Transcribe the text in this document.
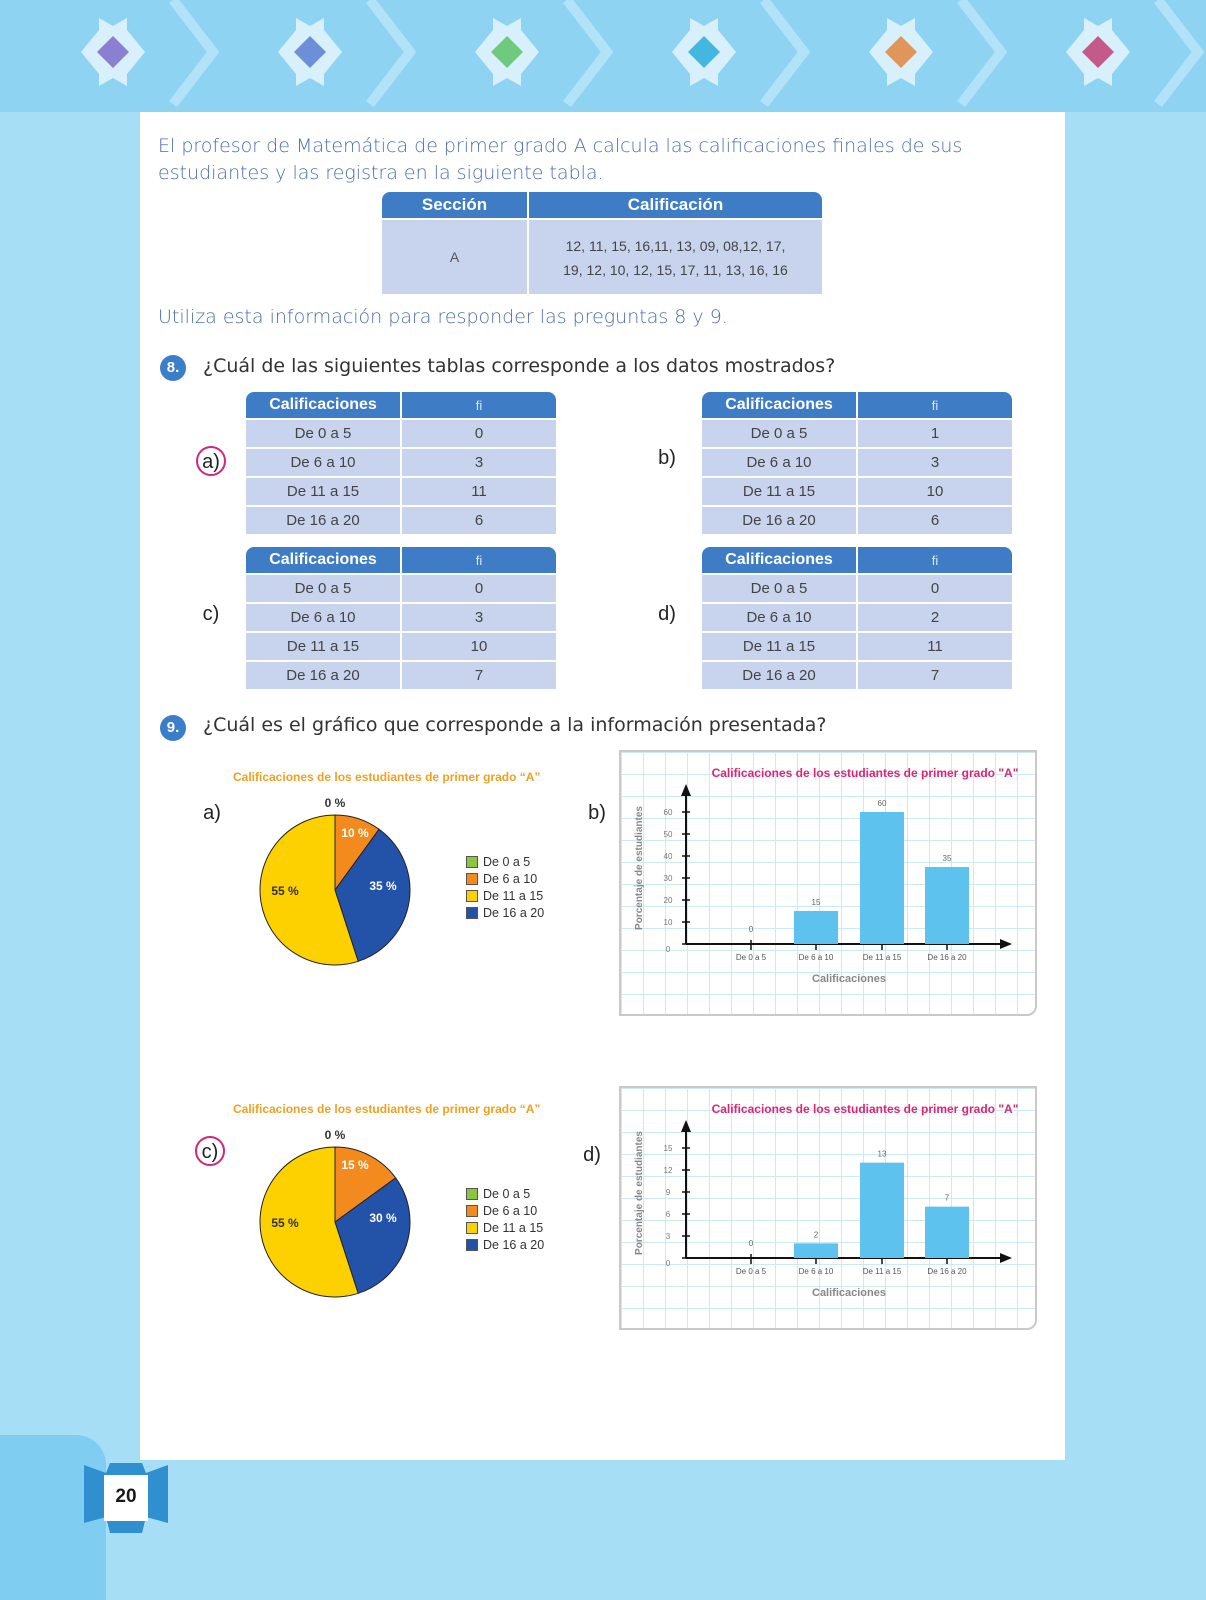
20
El profesor de Matemática de primer grado A calcula las calificaciones finales de sus estudiantes y las registra en la siguiente tabla.
Sección	Calificación
A
12, 11, 15, 16,11, 13, 09, 08,12, 17,
19, 12, 10, 12, 15, 17, 11, 13, 16, 16
Utiliza esta información para responder las preguntas 8 y 9.
8.	¿Cuál de las siguientes tablas corresponde a los datos mostrados?
a)
Calificaciones	fi
De 0 a 5	0
De 6 a 10	3
De 11 a 15	11
De 16 a 20	6
b)
Calificaciones	fi
De 0 a 5	1
De 6 a 10	3
De 11 a 15	10
De 16 a 20	6
c)
Calificaciones	fi
De 0 a 5	0
De 6 a 10	3
De 11 a 15	10
De 16 a 20	7
d)
Calificaciones	fi
De 0 a 5	0
De 6 a 10	2
De 11 a 15	11
De 16 a 20	7
9.	¿Cuál es el gráfico que corresponde a la información presentada?
a)	b)
c)	d)
Calificaciones de los estudiantes de primer grado “A”
0 %
10 %
55 %	35 %
De 0 a 5
De 6 a 10
De 11 a 15
De 16 a 20
Calificaciones de los estudiantes de primer grado “A”
0 %
15 %
55 %	30 %
De 0 a 5
De 6 a 10
De 11 a 15
De 16 a 20
Calificaciones de los estudiantes de primer grado "A"
0
10
20
30
40
50
60
0
De 0 a 5
15
De 6 a 10
60
De 11 a 15
35
De 16 a 20
Calificaciones
Porcentaje de estudiantes
Calificaciones de los estudiantes de primer grado "A"
0
3
6
9
12
15
0
De 0 a 5
2
De 6 a 10
13
De 11 a 15
7
De 16 a 20
Calificaciones
Porcentaje de estudiantes
